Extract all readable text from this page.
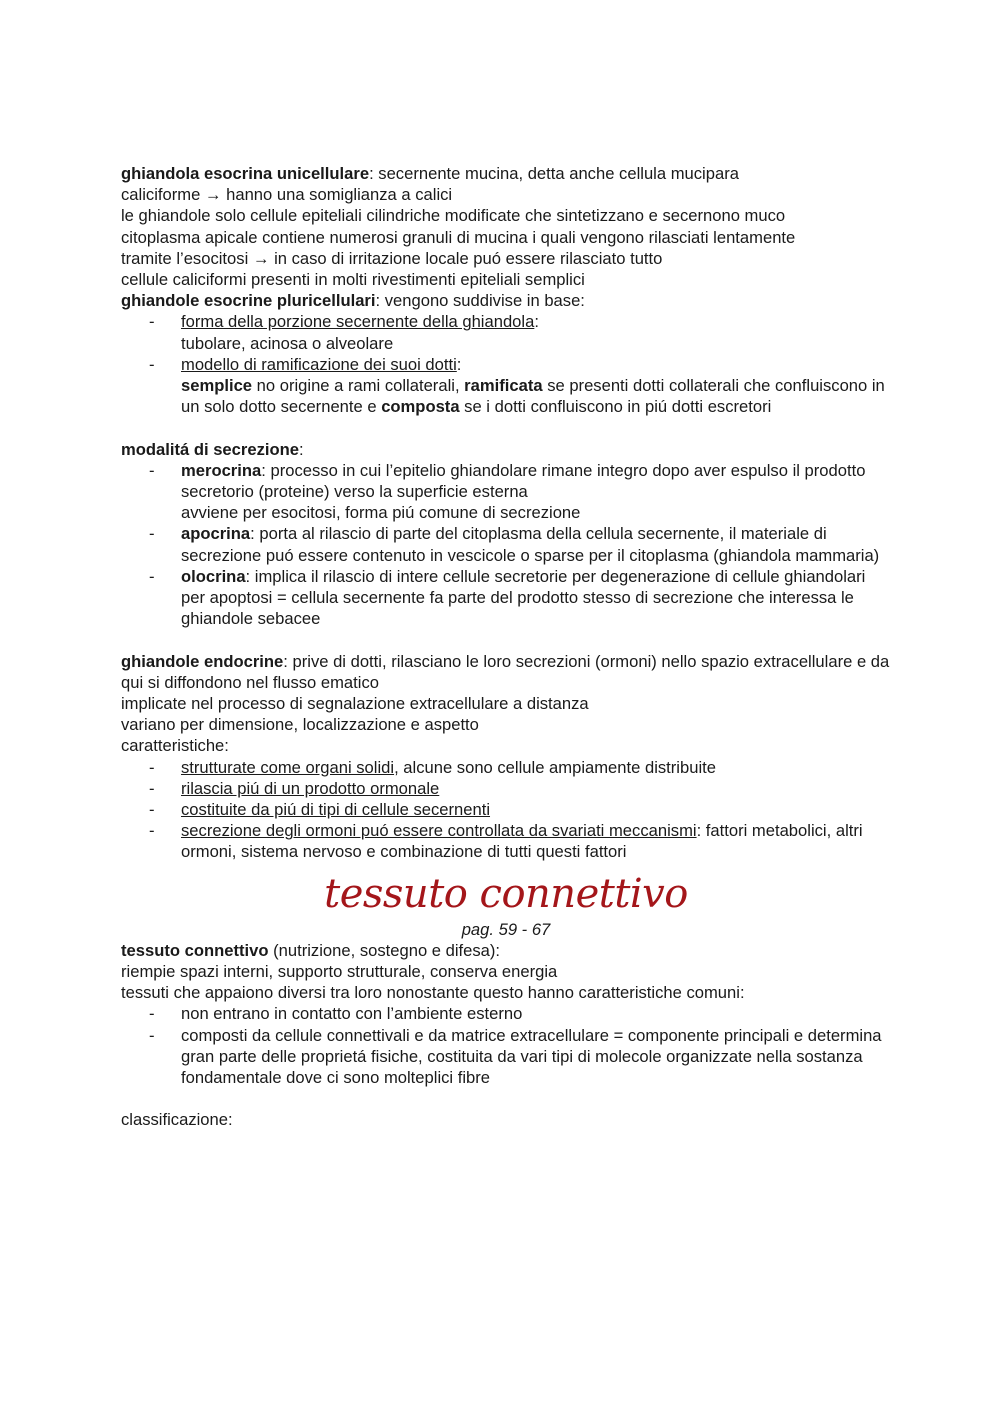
ghiandola esocrina unicellulare: secernente mucina, detta anche cellula mucipara
caliciforme → hanno una somiglianza a calici

le ghiandole solo cellule epiteliali cilindriche modificate che sintetizzano e secernono muco

citoplasma apicale contiene numerosi granuli di mucina i quali vengono rilasciati lentamente

tramite l’esocitosi → in caso di irritazione locale puó essere rilasciato tutto

cellule caliciformi presenti in molti rivestimenti epiteliali semplici

ghiandole esocrine pluricellulari: vengono suddivise in base:

- forma della porzione secernente della ghiandola:
tubolare, acinosa o alveolare
- modello di ramificazione dei suoi dotti:
semplice no origine a rami collaterali, ramificata se presenti dotti collaterali che confluiscono in un solo dotto secernente e composta se i dotti confluiscono in piú dotti escretori

modalitá di secrezione:

- merocrina: processo in cui l’epitelio ghiandolare rimane integro dopo aver espulso il prodotto secretorio (proteine) verso la superficie esterna
avviene per esocitosi, forma piú comune di secrezione
- apocrina: porta al rilascio di parte del citoplasma della cellula secernente, il materiale di secrezione puó essere contenuto in vescicole o sparse per il citoplasma (ghiandola mammaria)
- olocrina: implica il rilascio di intere cellule secretorie per degenerazione di cellule ghiandolari per apoptosi = cellula secernente fa parte del prodotto stesso di secrezione che interessa le ghiandole sebacee

ghiandole endocrine: prive di dotti, rilasciano le loro secrezioni (ormoni) nello spazio extracellulare e da qui si diffondono nel flusso ematico

implicate nel processo di segnalazione extracellulare a distanza

variano per dimensione, localizzazione e aspetto

caratteristiche:

- strutturate come organi solidi, alcune sono cellule ampiamente distribuite
- rilascia piú di un prodotto ormonale
- costituite da piú di tipi di cellule secernenti
- secrezione degli ormoni puó essere controllata da svariati meccanismi: fattori metabolici, altri ormoni, sistema nervoso e combinazione di tutti questi fattori
tessuto connettivo

pag. 59 - 67

tessuto connettivo (nutrizione, sostegno e difesa):

riempie spazi interni, supporto strutturale, conserva energia

tessuti che appaiono diversi tra loro nonostante questo hanno caratteristiche comuni:

- non entrano in contatto con l’ambiente esterno
- composti da cellule connettivali e da matrice extracellulare = componente principali e determina gran parte delle proprietá fisiche, costituita da vari tipi di molecole organizzate nella sostanza fondamentale dove ci sono molteplici fibre

classificazione:
